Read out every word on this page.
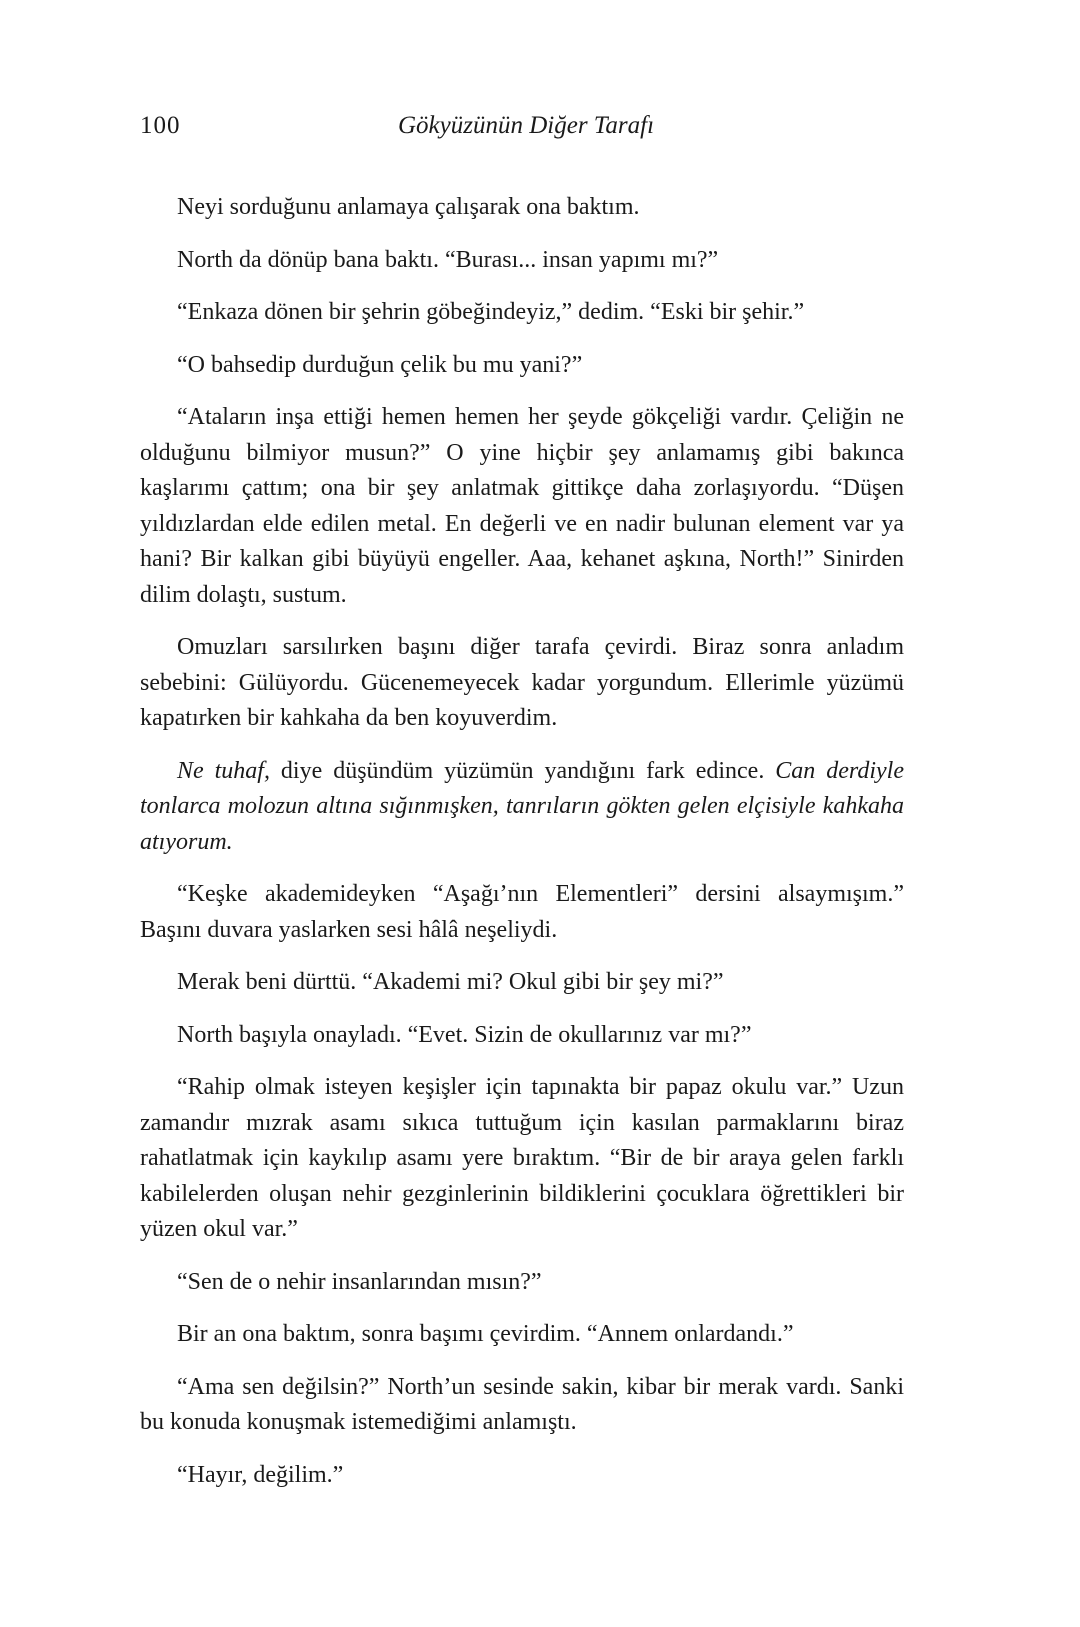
100	Gökyüzünün Diğer Tarafı

Neyi sorduğunu anlamaya çalışarak ona baktım.

North da dönüp bana baktı. “Burası... insan yapımı mı?”

“Enkaza dönen bir şehrin göbeğindeyiz,” dedim. “Eski bir şehir.”

“O bahsedip durduğun çelik bu mu yani?”

“Ataların inşa ettiği hemen hemen her şeyde gökçeliği vardır. Çeliğin ne olduğunu bilmiyor musun?” O yine hiçbir şey anlamamış gibi bakınca kaşlarımı çattım; ona bir şey anlatmak gittikçe daha zorlaşıyordu. “Düşen yıldızlardan elde edilen metal. En değerli ve en nadir bulunan element var ya hani? Bir kalkan gibi büyüyü engeller. Aaa, kehanet aşkına, North!” Sinirden dilim dolaştı, sustum.

Omuzları sarsılırken başını diğer tarafa çevirdi. Biraz sonra anladım sebebini: Gülüyordu. Gücenemeyecek kadar yorgundum. Ellerimle yüzümü kapatırken bir kahkaha da ben koyuverdim.

Ne tuhaf, diye düşündüm yüzümün yandığını fark edince. Can derdiyle tonlarca molozun altına sığınmışken, tanrıların gökten gelen elçisiyle kahkaha atıyorum.

“Keşke akademideyken “Aşağı’nın Elementleri” dersini alsaymışım.” Başını duvara yaslarken sesi hâlâ neşeliydi.

Merak beni dürttü. “Akademi mi? Okul gibi bir şey mi?”

North başıyla onayladı. “Evet. Sizin de okullarınız var mı?”

“Rahip olmak isteyen keşişler için tapınakta bir papaz okulu var.” Uzun zamandır mızrak asamı sıkıca tuttuğum için kasılan parmaklarını biraz rahatlatmak için kaykılıp asamı yere bıraktım. “Bir de bir araya gelen farklı kabilelerden oluşan nehir gezginlerinin bildiklerini çocuklara öğrettikleri bir yüzen okul var.”

“Sen de o nehir insanlarından mısın?”

Bir an ona baktım, sonra başımı çevirdim. “Annem onlardandı.”

“Ama sen değilsin?” North’un sesinde sakin, kibar bir merak vardı. Sanki bu konuda konuşmak istemediğimi anlamıştı.

“Hayır, değilim.”
